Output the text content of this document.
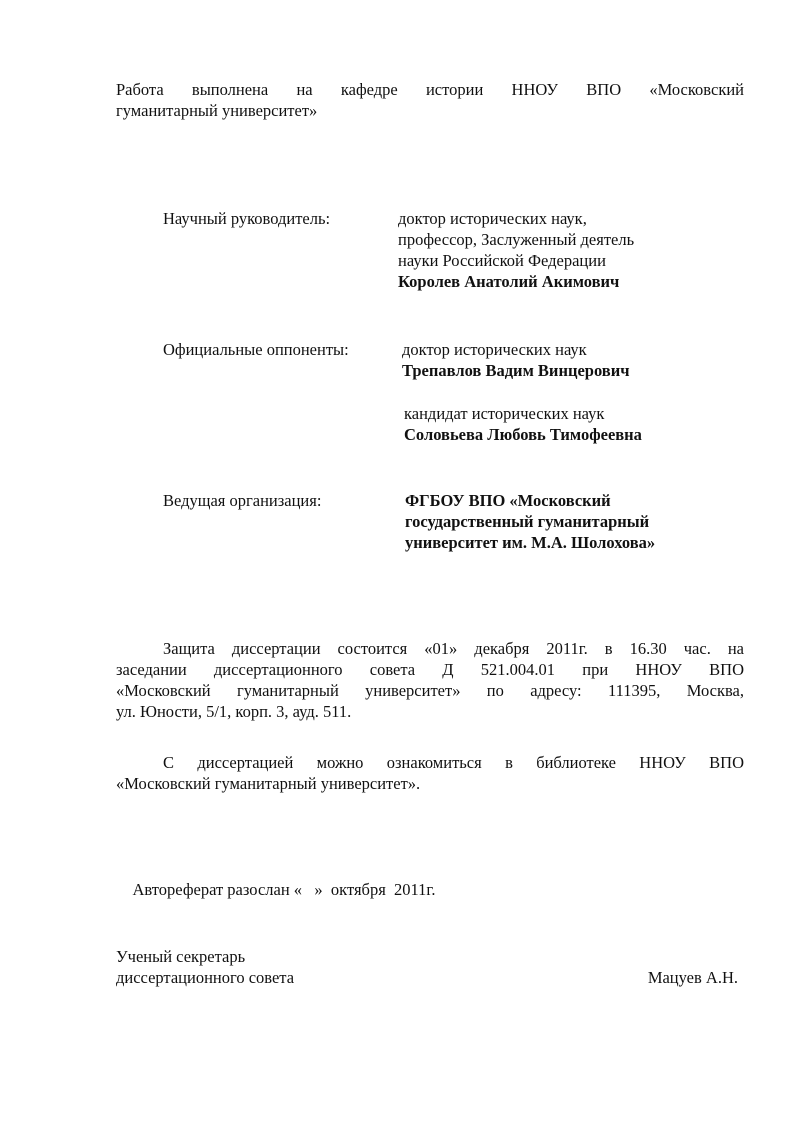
Работа выполнена на кафедре истории ННОУ ВПО «Московский
гуманитарный университет»
Научный руководитель:	доктор исторических наук,
профессор, Заслуженный деятель
науки Российской Федерации
Королев Анатолий Акимович
Официальные оппоненты:	доктор исторических наук
Трепавлов Вадим Винцерович
кандидат исторических наук
Соловьева Любовь Тимофеевна
Ведущая организация:	ФГБОУ ВПО «Московский
государственный гуманитарный
университет им. М.А. Шолохова»
Защита диссертации состоится «01» декабря 2011г. в 16.30 час. на
заседании диссертационного совета Д 521.004.01 при ННОУ ВПО
«Московский гуманитарный университет» по адресу: 111395, Москва,
ул. Юности, 5/1, корп. 3, ауд. 511.
С диссертацией можно ознакомиться в библиотеке ННОУ ВПО
«Московский гуманитарный университет».

Автореферат разослан «   »  октября  2011г.

Ученый секретарь
диссертационного совета	Мацуев А.Н.
